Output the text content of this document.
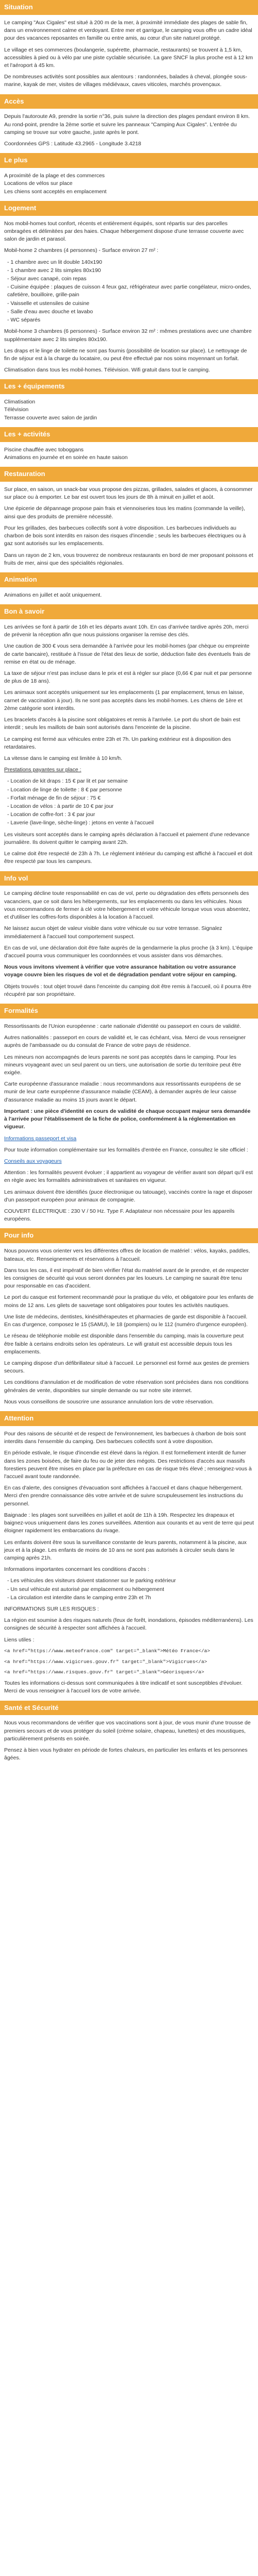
Situation

Le camping "Aux Cigales" est situé à 200 m de la mer, à proximité immédiate des plages de sable fin, dans un environnement calme et verdoyant. Entre mer et garrigue, le camping vous offre un cadre idéal pour des vacances reposantes en famille ou entre amis, au cœur d'un site naturel protégé.

Le village et ses commerces (boulangerie, supérette, pharmacie, restaurants) se trouvent à 1,5 km, accessibles à pied ou à vélo par une piste cyclable sécurisée. La gare SNCF la plus proche est à 12 km et l'aéroport à 45 km.

De nombreuses activités sont possibles aux alentours : randonnées, balades à cheval, plongée sous-marine, kayak de mer, visites de villages médiévaux, caves viticoles, marchés provençaux.

Accès

Depuis l'autoroute A9, prendre la sortie n°36, puis suivre la direction des plages pendant environ 8 km. Au rond-point, prendre la 2ème sortie et suivre les panneaux "Camping Aux Cigales". L'entrée du camping se trouve sur votre gauche, juste après le pont.

Coordonnées GPS : Latitude 43.2965 - Longitude 3.4218

Le plus
A proximité de la plage et des commerces
Locations de vélos sur place
Les chiens sont acceptés en emplacement
Logement

Nos mobil-homes tout confort, récents et entièrement équipés, sont répartis sur des parcelles ombragées et délimitées par des haies. Chaque hébergement dispose d'une terrasse couverte avec salon de jardin et parasol.

Mobil-home 2 chambres (4 personnes) - Surface environ 27 m² :

- 1 chambre avec un lit double 140x190
- 1 chambre avec 2 lits simples 80x190
- Séjour avec canapé, coin repas
- Cuisine équipée : plaques de cuisson 4 feux gaz, réfrigérateur avec partie congélateur, micro-ondes, cafetière, bouilloire, grille-pain
- Vaisselle et ustensiles de cuisine
- Salle d'eau avec douche et lavabo
- WC séparés

Mobil-home 3 chambres (6 personnes) - Surface environ 32 m² : mêmes prestations avec une chambre supplémentaire avec 2 lits simples 80x190.

Les draps et le linge de toilette ne sont pas fournis (possibilité de location sur place). Le nettoyage de fin de séjour est à la charge du locataire, ou peut être effectué par nos soins moyennant un forfait.

Climatisation dans tous les mobil-homes. Télévision. Wifi gratuit dans tout le camping.

Les + équipements
Climatisation
Télévision
Terrasse couverte avec salon de jardin
Les + activités
Piscine chauffée avec toboggans
Animations en journée et en soirée en haute saison
Restauration

Sur place, en saison, un snack-bar vous propose des pizzas, grillades, salades et glaces, à consommer sur place ou à emporter. Le bar est ouvert tous les jours de 8h à minuit en juillet et août.

Une épicerie de dépannage propose pain frais et viennoiseries tous les matins (commande la veille), ainsi que des produits de première nécessité.

Pour les grillades, des barbecues collectifs sont à votre disposition. Les barbecues individuels au charbon de bois sont interdits en raison des risques d'incendie ; seuls les barbecues électriques ou à gaz sont autorisés sur les emplacements.

Dans un rayon de 2 km, vous trouverez de nombreux restaurants en bord de mer proposant poissons et fruits de mer, ainsi que des spécialités régionales.

Animation

Animations en juillet et août uniquement.

Bon à savoir

Les arrivées se font à partir de 16h et les départs avant 10h. En cas d'arrivée tardive après 20h, merci de prévenir la réception afin que nous puissions organiser la remise des clés.

Une caution de 300 € vous sera demandée à l'arrivée pour les mobil-homes (par chèque ou empreinte de carte bancaire), restituée à l'issue de l'état des lieux de sortie, déduction faite des éventuels frais de remise en état ou de ménage.

La taxe de séjour n'est pas incluse dans le prix et est à régler sur place (0,66 € par nuit et par personne de plus de 18 ans).

Les animaux sont acceptés uniquement sur les emplacements (1 par emplacement, tenus en laisse, carnet de vaccination à jour). Ils ne sont pas acceptés dans les mobil-homes. Les chiens de 1ère et 2ème catégorie sont interdits.

Les bracelets d'accès à la piscine sont obligatoires et remis à l'arrivée. Le port du short de bain est interdit ; seuls les maillots de bain sont autorisés dans l'enceinte de la piscine.

Le camping est fermé aux véhicules entre 23h et 7h. Un parking extérieur est à disposition des retardataires.

La vitesse dans le camping est limitée à 10 km/h.

Prestations payantes sur place :

- Location de kit draps : 15 € par lit et par semaine
- Location de linge de toilette : 8 € par personne
- Forfait ménage de fin de séjour : 75 €
- Location de vélos : à partir de 10 € par jour
- Location de coffre-fort : 3 € par jour
- Laverie (lave-linge, sèche-linge) : jetons en vente à l'accueil

Les visiteurs sont acceptés dans le camping après déclaration à l'accueil et paiement d'une redevance journalière. Ils doivent quitter le camping avant 22h.

Le calme doit être respecté de 23h à 7h. Le règlement intérieur du camping est affiché à l'accueil et doit être respecté par tous les campeurs.

Info vol

Le camping décline toute responsabilité en cas de vol, perte ou dégradation des effets personnels des vacanciers, que ce soit dans les hébergements, sur les emplacements ou dans les véhicules. Nous vous recommandons de fermer à clé votre hébergement et votre véhicule lorsque vous vous absentez, et d'utiliser les coffres-forts disponibles à la location à l'accueil.

Ne laissez aucun objet de valeur visible dans votre véhicule ou sur votre terrasse. Signalez immédiatement à l'accueil tout comportement suspect.

En cas de vol, une déclaration doit être faite auprès de la gendarmerie la plus proche (à 3 km). L'équipe d'accueil pourra vous communiquer les coordonnées et vous assister dans vos démarches.

Nous vous invitons vivement à vérifier que votre assurance habitation ou votre assurance voyage couvre bien les risques de vol et de dégradation pendant votre séjour en camping.

Objets trouvés : tout objet trouvé dans l'enceinte du camping doit être remis à l'accueil, où il pourra être récupéré par son propriétaire.

Formalités

Ressortissants de l'Union européenne : carte nationale d'identité ou passeport en cours de validité.

Autres nationalités : passeport en cours de validité et, le cas échéant, visa. Merci de vous renseigner auprès de l'ambassade ou du consulat de France de votre pays de résidence.

Les mineurs non accompagnés de leurs parents ne sont pas acceptés dans le camping. Pour les mineurs voyageant avec un seul parent ou un tiers, une autorisation de sortie du territoire peut être exigée.

Carte européenne d'assurance maladie : nous recommandons aux ressortissants européens de se munir de leur carte européenne d'assurance maladie (CEAM), à demander auprès de leur caisse d'assurance maladie au moins 15 jours avant le départ.

Important : une pièce d'identité en cours de validité de chaque occupant majeur sera demandée à l'arrivée pour l'établissement de la fiche de police, conformément à la réglementation en vigueur.

Informations passeport et visa

Pour toute information complémentaire sur les formalités d'entrée en France, consultez le site officiel :

Conseils aux voyageurs

Attention : les formalités peuvent évoluer ; il appartient au voyageur de vérifier avant son départ qu'il est en règle avec les formalités administratives et sanitaires en vigueur.

Les animaux doivent être identifiés (puce électronique ou tatouage), vaccinés contre la rage et disposer d'un passeport européen pour animaux de compagnie.

COUVERT ÉLECTRIQUE : 230 V / 50 Hz. Type F. Adaptateur non nécessaire pour les appareils européens.

Pour info

Nous pouvons vous orienter vers les différentes offres de location de matériel : vélos, kayaks, paddles, bateaux, etc. Renseignements et réservations à l'accueil.

Dans tous les cas, il est impératif de bien vérifier l'état du matériel avant de le prendre, et de respecter les consignes de sécurité qui vous seront données par les loueurs. Le camping ne saurait être tenu pour responsable en cas d'accident.

Le port du casque est fortement recommandé pour la pratique du vélo, et obligatoire pour les enfants de moins de 12 ans. Les gilets de sauvetage sont obligatoires pour toutes les activités nautiques.

Une liste de médecins, dentistes, kinésithérapeutes et pharmacies de garde est disponible à l'accueil. En cas d'urgence, composez le 15 (SAMU), le 18 (pompiers) ou le 112 (numéro d'urgence européen).

Le réseau de téléphonie mobile est disponible dans l'ensemble du camping, mais la couverture peut être faible à certains endroits selon les opérateurs. Le wifi gratuit est accessible depuis tous les emplacements.

Le camping dispose d'un défibrillateur situé à l'accueil. Le personnel est formé aux gestes de premiers secours.

Les conditions d'annulation et de modification de votre réservation sont précisées dans nos conditions générales de vente, disponibles sur simple demande ou sur notre site internet.

Nous vous conseillons de souscrire une assurance annulation lors de votre réservation.

Attention

Pour des raisons de sécurité et de respect de l'environnement, les barbecues à charbon de bois sont interdits dans l'ensemble du camping. Des barbecues collectifs sont à votre disposition.

En période estivale, le risque d'incendie est élevé dans la région. Il est formellement interdit de fumer dans les zones boisées, de faire du feu ou de jeter des mégots. Des restrictions d'accès aux massifs forestiers peuvent être mises en place par la préfecture en cas de risque très élevé ; renseignez-vous à l'accueil avant toute randonnée.

En cas d'alerte, des consignes d'évacuation sont affichées à l'accueil et dans chaque hébergement. Merci d'en prendre connaissance dès votre arrivée et de suivre scrupuleusement les instructions du personnel.

Baignade : les plages sont surveillées en juillet et août de 11h à 19h. Respectez les drapeaux et baignez-vous uniquement dans les zones surveillées. Attention aux courants et au vent de terre qui peut éloigner rapidement les embarcations du rivage.

Les enfants doivent être sous la surveillance constante de leurs parents, notamment à la piscine, aux jeux et à la plage. Les enfants de moins de 10 ans ne sont pas autorisés à circuler seuls dans le camping après 21h.

Informations importantes concernant les conditions d'accès :

- Les véhicules des visiteurs doivent stationner sur le parking extérieur
- Un seul véhicule est autorisé par emplacement ou hébergement
- La circulation est interdite dans le camping entre 23h et 7h

INFORMATIONS SUR LES RISQUES :

La région est soumise à des risques naturels (feux de forêt, inondations, épisodes méditerranéens). Les consignes de sécurité à respecter sont affichées à l'accueil.

Liens utiles :

<a href="https://www.meteofrance.com" target="_blank">Météo France</a>

<a href="https://www.vigicrues.gouv.fr" target="_blank">Vigicrues</a>

<a href="https://www.risques.gouv.fr" target="_blank">Géorisques</a>

Toutes les informations ci-dessus sont communiquées à titre indicatif et sont susceptibles d'évoluer. Merci de vous renseigner à l'accueil lors de votre arrivée.

Santé et Sécurité

Nous vous recommandons de vérifier que vos vaccinations sont à jour, de vous munir d'une trousse de premiers secours et de vous protéger du soleil (crème solaire, chapeau, lunettes) et des moustiques, particulièrement présents en soirée.

Pensez à bien vous hydrater en période de fortes chaleurs, en particulier les enfants et les personnes âgées.
